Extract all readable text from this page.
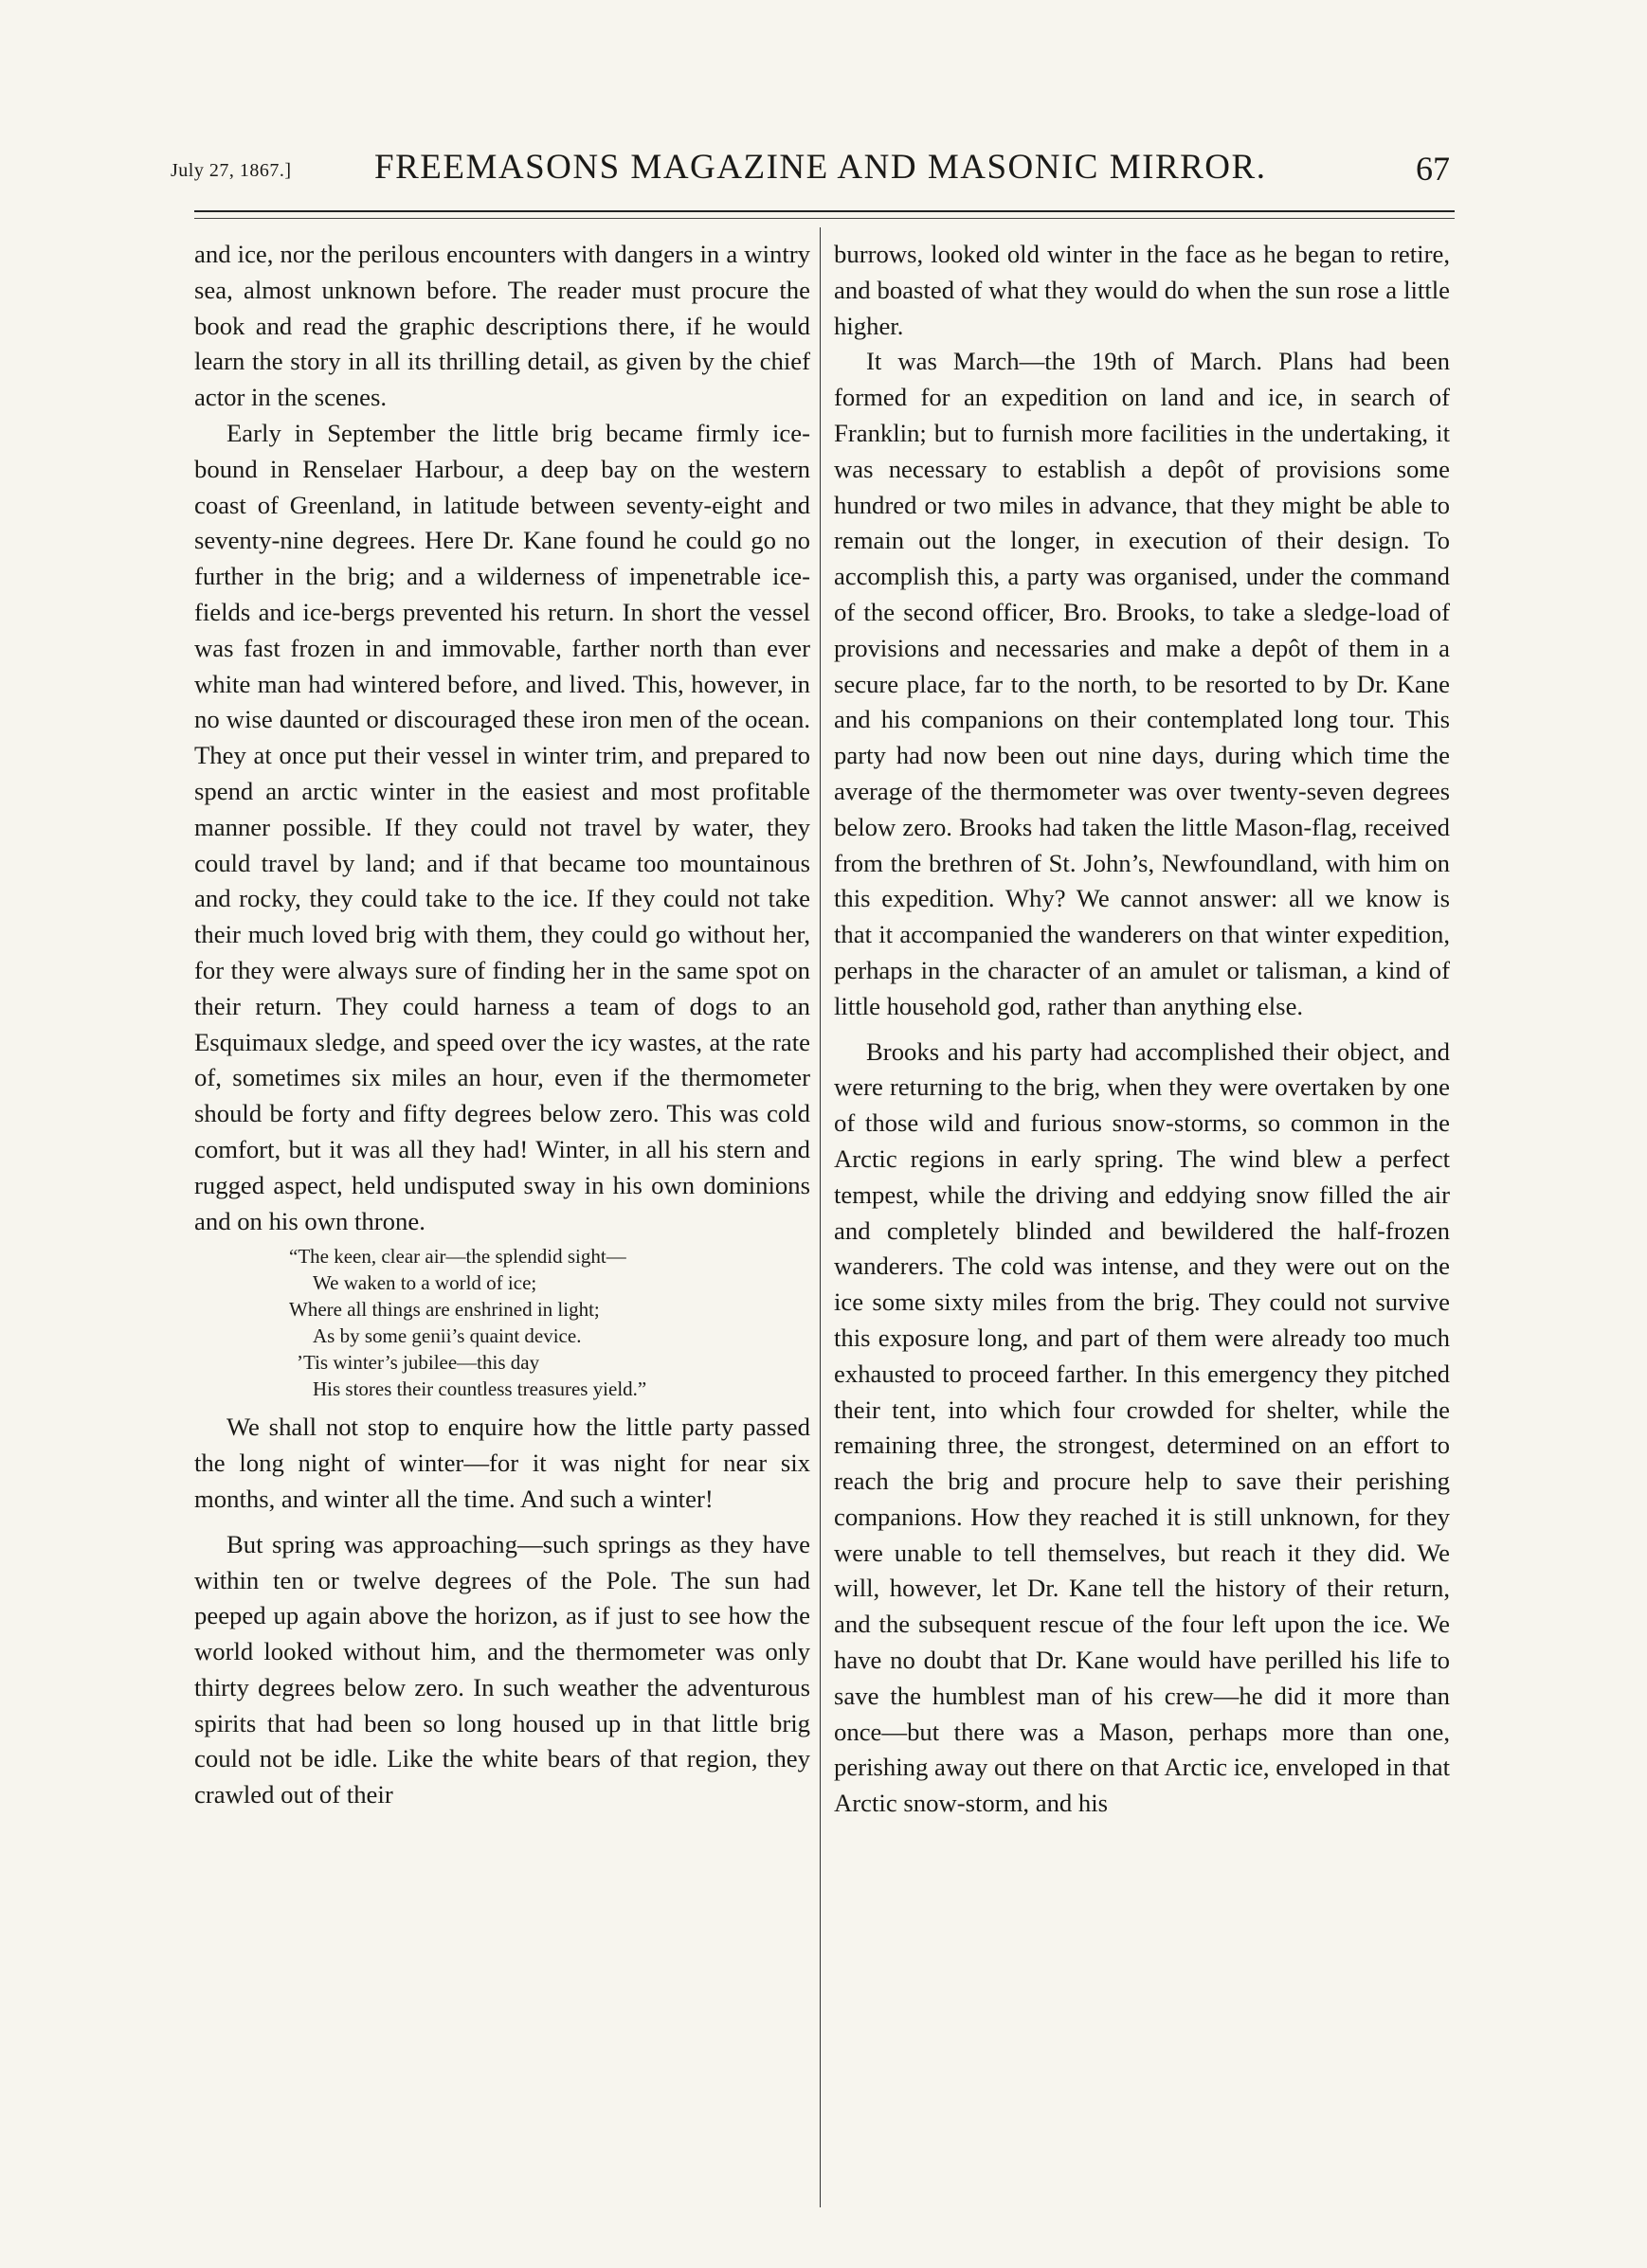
July 27, 1867.] FREEMASONS MAGAZINE AND MASONIC MIRROR.	67

and ice, nor the perilous encounters with dangers in a wintry sea, almost unknown before. The reader must procure the book and read the graphic descriptions there, if he would learn the story in all its thrilling detail, as given by the chief actor in the scenes.

Early in September the little brig became firmly ice-bound in Renselaer Harbour, a deep bay on the western coast of Greenland, in latitude between seventy-eight and seventy-nine degrees. Here Dr. Kane found he could go no further in the brig; and a wilderness of impenetrable ice-fields and ice-bergs prevented his return. In short the vessel was fast frozen in and immovable, farther north than ever white man had wintered before, and lived. This, however, in no wise daunted or discouraged these iron men of the ocean. They at once put their vessel in winter trim, and prepared to spend an arctic winter in the easiest and most profitable manner possible. If they could not travel by water, they could travel by land; and if that became too mountainous and rocky, they could take to the ice. If they could not take their much loved brig with them, they could go without her, for they were always sure of finding her in the same spot on their return. They could harness a team of dogs to an Esquimaux sledge, and speed over the icy wastes, at the rate of, sometimes six miles an hour, even if the thermometer should be forty and fifty degrees below zero. This was cold comfort, but it was all they had! Winter, in all his stern and rugged aspect, held undisputed sway in his own dominions and on his own throne.

“The keen, clear air—the splendid sight—
We waken to a world of ice;
Where all things are enshrined in light;
As by some genii’s quaint device.
’Tis winter’s jubilee—this day
His stores their countless treasures yield.”

We shall not stop to enquire how the little party passed the long night of winter—for it was night for near six months, and winter all the time. And such a winter!

But spring was approaching—such springs as they have within ten or twelve degrees of the Pole. The sun had peeped up again above the horizon, as if just to see how the world looked without him, and the thermometer was only thirty degrees below zero. In such weather the adventurous spirits that had been so long housed up in that little brig could not be idle. Like the white bears of that region, they crawled out of their

burrows, looked old winter in the face as he began to retire, and boasted of what they would do when the sun rose a little higher.

It was March—the 19th of March. Plans had been formed for an expedition on land and ice, in search of Franklin; but to furnish more facilities in the undertaking, it was necessary to establish a depôt of provisions some hundred or two miles in advance, that they might be able to remain out the longer, in execution of their design. To accomplish this, a party was organised, under the command of the second officer, Bro. Brooks, to take a sledge-load of provisions and necessaries and make a depôt of them in a secure place, far to the north, to be resorted to by Dr. Kane and his companions on their contemplated long tour. This party had now been out nine days, during which time the average of the thermometer was over twenty-seven degrees below zero. Brooks had taken the little Mason-flag, received from the brethren of St. John’s, Newfoundland, with him on this expedition. Why? We cannot answer: all we know is that it accompanied the wanderers on that winter expedition, perhaps in the character of an amulet or talisman, a kind of little household god, rather than anything else.

Brooks and his party had accomplished their object, and were returning to the brig, when they were overtaken by one of those wild and furious snow-storms, so common in the Arctic regions in early spring. The wind blew a perfect tempest, while the driving and eddying snow filled the air and completely blinded and bewildered the half-frozen wanderers. The cold was intense, and they were out on the ice some sixty miles from the brig. They could not survive this exposure long, and part of them were already too much exhausted to proceed farther. In this emergency they pitched their tent, into which four crowded for shelter, while the remaining three, the strongest, determined on an effort to reach the brig and procure help to save their perishing companions. How they reached it is still unknown, for they were unable to tell themselves, but reach it they did. We will, however, let Dr. Kane tell the history of their return, and the subsequent rescue of the four left upon the ice. We have no doubt that Dr. Kane would have perilled his life to save the humblest man of his crew—he did it more than once—but there was a Mason, perhaps more than one, perishing away out there on that Arctic ice, enveloped in that Arctic snow-storm, and his
